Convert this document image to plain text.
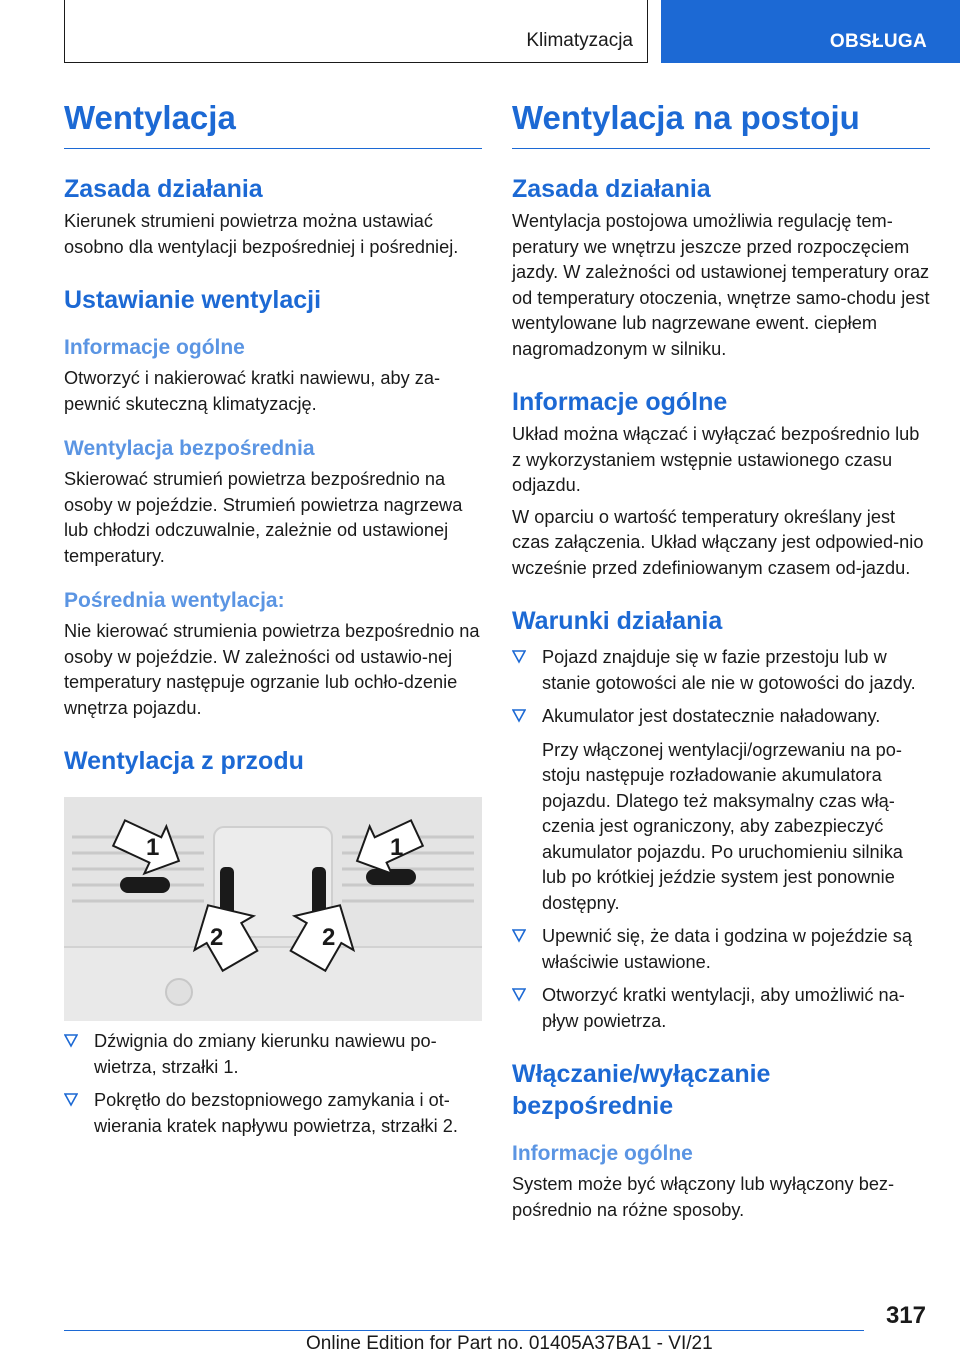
Klimatyzacja	OBSŁUGA
Wentylacja
Zasada działania

Kierunek strumieni powietrza można ustawiać osobno dla wentylacji bezpośredniej i pośredniej.

Ustawianie wentylacji
Informacje ogólne

Otworzyć i nakierować kratki nawiewu, aby za-pewnić skuteczną klimatyzację.

Wentylacja bezpośrednia

Skierować strumień powietrza bezpośrednio na osoby w pojeździe. Strumień powietrza nagrzewa lub chłodzi odczuwalnie, zależnie od ustawionej temperatury.

Pośrednia wentylacja:

Nie kierować strumienia powietrza bezpośrednio na osoby w pojeździe. W zależności od ustawio-nej temperatury następuje ogrzanie lub ochło-dzenie wnętrza pojazdu.

Wentylacja z przodu
1	1
2	2
Dźwignia do zmiany kierunku nawiewu po-wietrza, strzałki 1.
Pokrętło do bezstopniowego zamykania i ot-wierania kratek napływu powietrza, strzałki 2.
Wentylacja na postoju
Zasada działania

Wentylacja postojowa umożliwia regulację tem-peratury we wnętrzu jeszcze przed rozpoczęciem jazdy. W zależności od ustawionej temperatury oraz od temperatury otoczenia, wnętrze samo-chodu jest wentylowane lub nagrzewane ewent. ciepłem nagromadzonym w silniku.

Informacje ogólne

Układ można włączać i wyłączać bezpośrednio lub z wykorzystaniem wstępnie ustawionego czasu odjazdu.

W oparciu o wartość temperatury określany jest czas załączenia. Układ włączany jest odpowied-nio wcześnie przed zdefiniowanym czasem od-jazdu.

Warunki działania
Pojazd znajduje się w fazie przestoju lub w stanie gotowości ale nie w gotowości do jazdy.
Akumulator jest dostatecznie naładowany.

Przy włączonej wentylacji/ogrzewaniu na po-stoju następuje rozładowanie akumulatora pojazdu. Dlatego też maksymalny czas włą-czenia jest ograniczony, aby zabezpieczyć akumulator pojazdu. Po uruchomieniu silnika lub po krótkiej jeździe system jest ponownie dostępny.

Upewnić się, że data i godzina w pojeździe są właściwie ustawione.
Otworzyć kratki wentylacji, aby umożliwić na-pływ powietrza.
Włączanie/wyłączanie bezpośrednie
Informacje ogólne

System może być włączony lub wyłączony bez-pośrednio na różne sposoby.

317
Online Edition for Part no. 01405A37BA1 - VI/21
